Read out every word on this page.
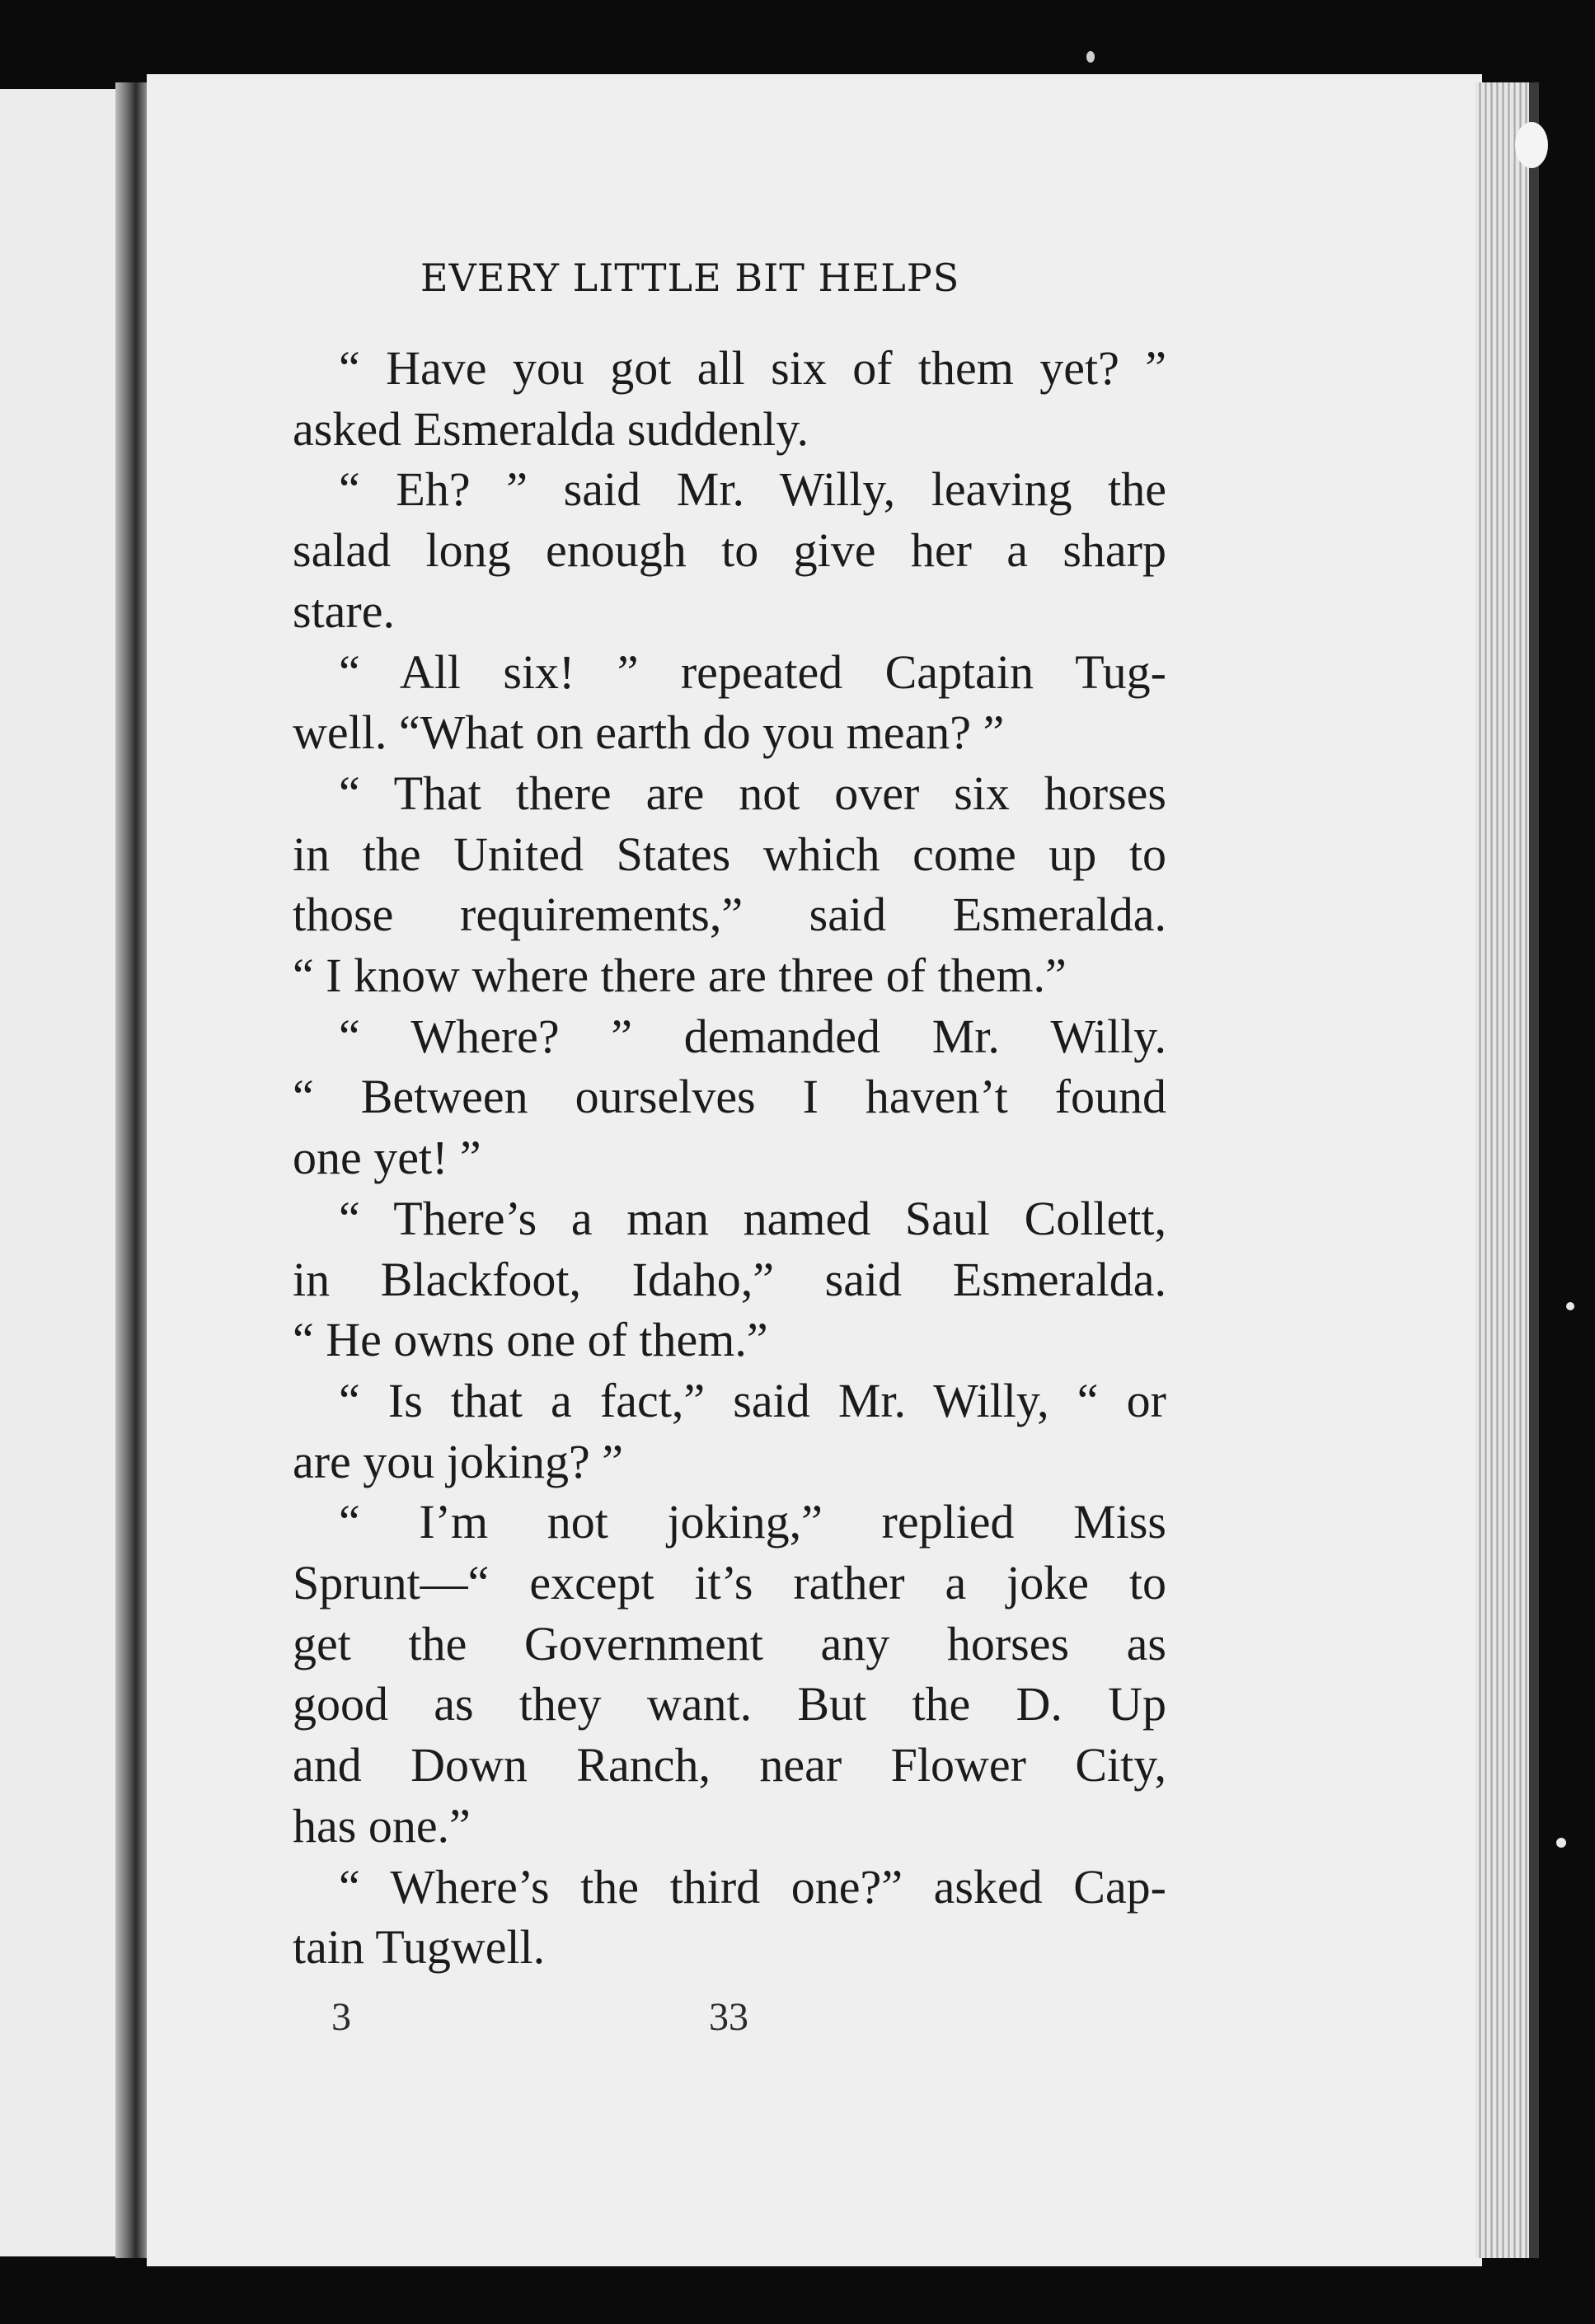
EVERY LITTLE BIT HELPS
“ Have you got all six of them yet? ”
asked Esmeralda suddenly.
“ Eh? ” said Mr. Willy, leaving the
salad long enough to give her a sharp
stare.
“ All six! ” repeated Captain Tug-
well. “What on earth do you mean? ”
“ That there are not over six horses
in the United States which come up to
those requirements,” said Esmeralda.
“ I know where there are three of them.”
“ Where? ” demanded Mr. Willy.
“ Between ourselves I haven’t found
one yet! ”
“ There’s a man named Saul Collett,
in Blackfoot, Idaho,” said Esmeralda.
“ He owns one of them.”
“ Is that a fact,” said Mr. Willy, “ or
are you joking? ”
“ I’m not joking,” replied Miss
Sprunt—“ except it’s rather a joke to
get the Government any horses as
good as they want. But the D. Up
and Down Ranch, near Flower City,
has one.”
“ Where’s the third one?” asked Cap-
tain Tugwell.
3	33
